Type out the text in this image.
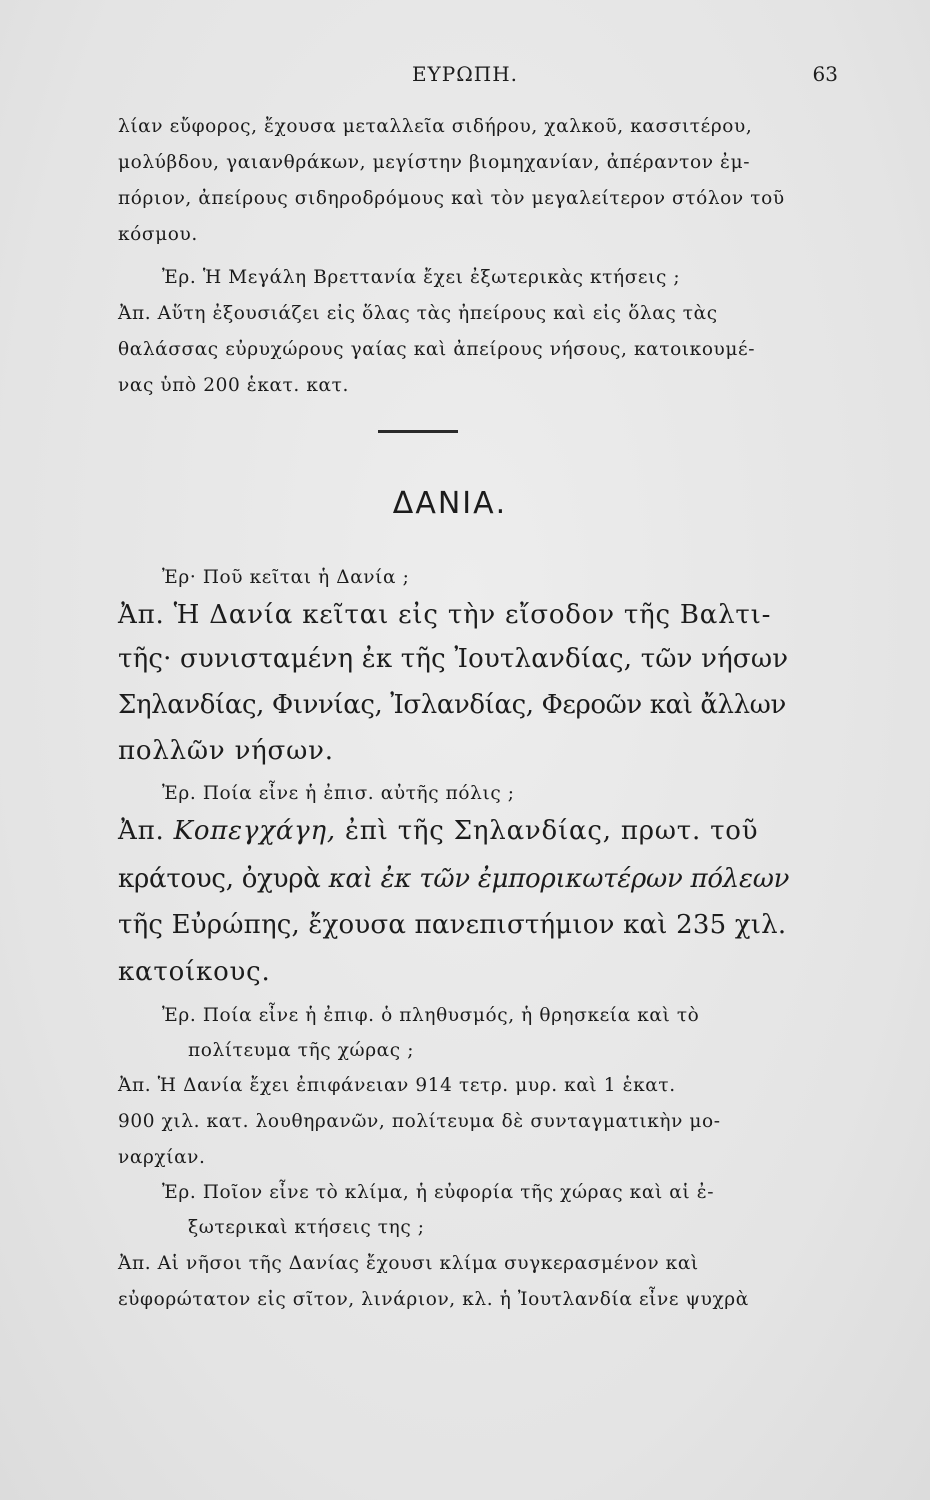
ΕΥΡΩΠΗ.	63

λίαν εὔφορος, ἔχουσα μεταλλεῖα σιδήρου, χαλκοῦ, κασσιτέρου,

μολύβδου, γαιανθράκων, μεγίστην βιομηχανίαν, ἀπέραντον ἐμ-

πόριον, ἀπείρους σιδηροδρόμους καὶ τὸν μεγαλείτερον στόλον τοῦ

κόσμου.

Ἐρ. Ἡ Μεγάλη Βρεττανία ἔχει ἐξωτερικὰς κτήσεις ;

Ἀπ. Αὕτη ἐξουσιάζει εἰς ὅλας τὰς ἠπείρους καὶ εἰς ὅλας τὰς

θαλάσσας εὐρυχώρους γαίας καὶ ἀπείρους νήσους, κατοικουμέ-

νας ὑπὸ 200 ἑκατ. κατ.

ΔΑΝΙΑ.

Ἐρ· Ποῦ κεῖται ἡ Δανία ;

Ἀπ. Ἡ Δανία κεῖται εἰς τὴν εἴσοδον τῆς Βαλτι-

τῆς· συνισταμένη ἐκ τῆς Ἰουτλανδίας, τῶν νήσων

Σηλανδίας, Φιννίας, Ἰσλανδίας, Φεροῶν καὶ ἄλλων

πολλῶν νήσων.

Ἐρ. Ποία εἶνε ἡ ἐπισ. αὐτῆς πόλις ;

Ἀπ. Κοπεγχάγη, ἐπὶ τῆς Σηλανδίας, πρωτ. τοῦ

κράτους, ὀχυρὰ καὶ ἐκ τῶν ἐμπορικωτέρων πόλεων

τῆς Εὐρώπης, ἔχουσα πανεπιστήμιον καὶ 235 χιλ.

κατοίκους.

Ἐρ. Ποία εἶνε ἡ ἐπιφ. ὁ πληθυσμός, ἡ θρησκεία καὶ τὸ

πολίτευμα τῆς χώρας ;

Ἀπ. Ἡ Δανία ἔχει ἐπιφάνειαν 914 τετρ. μυρ. καὶ 1 ἑκατ.

900 χιλ. κατ. λουθηρανῶν, πολίτευμα δὲ συνταγματικὴν μο-

ναρχίαν.

Ἐρ. Ποῖον εἶνε τὸ κλίμα, ἡ εὐφορία τῆς χώρας καὶ αἱ ἐ-

ξωτερικαὶ κτήσεις της ;

Ἀπ. Αἱ νῆσοι τῆς Δανίας ἔχουσι κλίμα συγκερασμένον καὶ

εὐφορώτατον εἰς σῖτον, λινάριον, κλ. ἡ Ἰουτλανδία εἶνε ψυχρὰ
